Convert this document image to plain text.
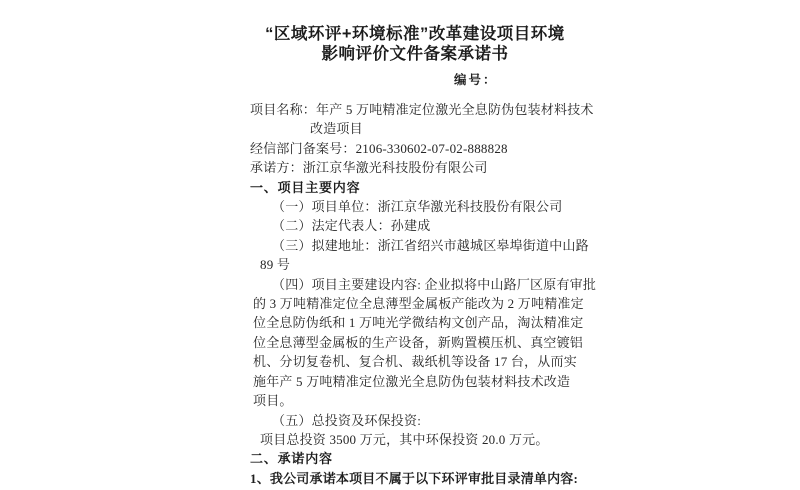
“区域环评+环境标准”改革建设项目环境
影响评价文件备案承诺书
编号：
项目名称：年产 5 万吨精准定位激光全息防伪包装材料技术
改造项目
经信部门备案号：2106-330602-07-02-888828
承诺方：浙江京华激光科技股份有限公司
一、项目主要内容
（一）项目单位：浙江京华激光科技股份有限公司
（二）法定代表人：孙建成
（三）拟建地址：浙江省绍兴市越城区皋埠街道中山路
89 号
（四）项目主要建设内容: 企业拟将中山路厂区原有审批
的 3 万吨精准定位全息薄型金属板产能改为 2 万吨精准定
位全息防伪纸和 1 万吨光学微结构文创产品，淘汰精准定
位全息薄型金属板的生产设备，新购置模压机、真空镀铝
机、分切复卷机、复合机、裁纸机等设备 17 台，从而实
施年产 5 万吨精准定位激光全息防伪包装材料技术改造
项目。
（五）总投资及环保投资:
项目总投资 3500 万元，其中环保投资 20.0 万元。
二、承诺内容
1、我公司承诺本项目不属于以下环评审批目录清单内容:
